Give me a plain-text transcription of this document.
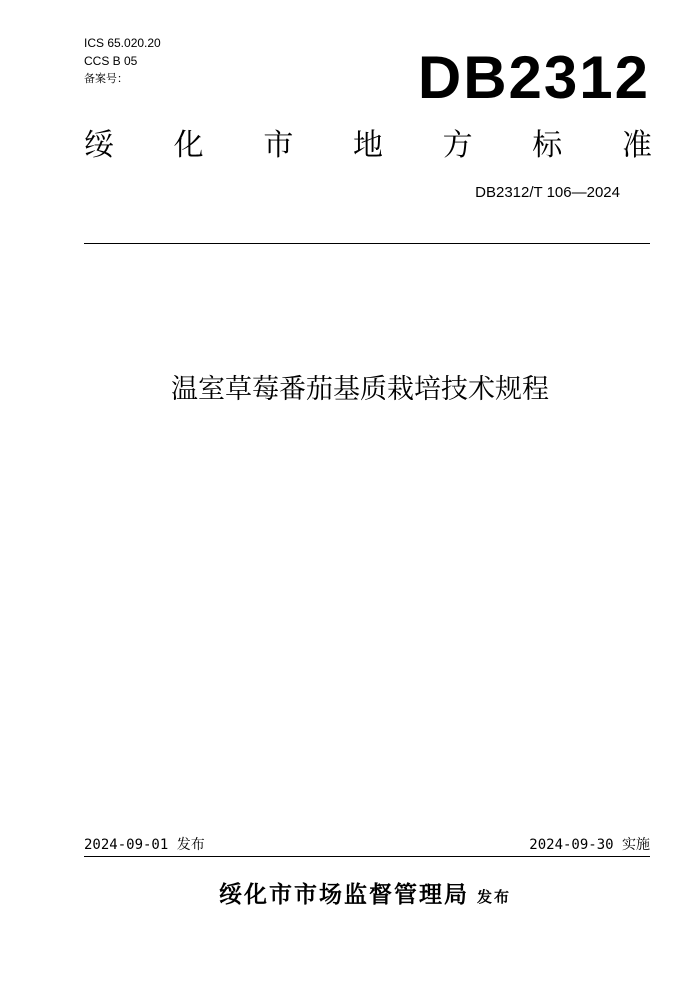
ICS 65.020.20
CCS B 05
备案号：	DB2312
绥 化 市 地 方 标 准
DB2312/T 106—2024
温室草莓番茄基质栽培技术规程
2024-09-01 发布	2024-09-30 实施
绥化市市场监督管理局 发布
